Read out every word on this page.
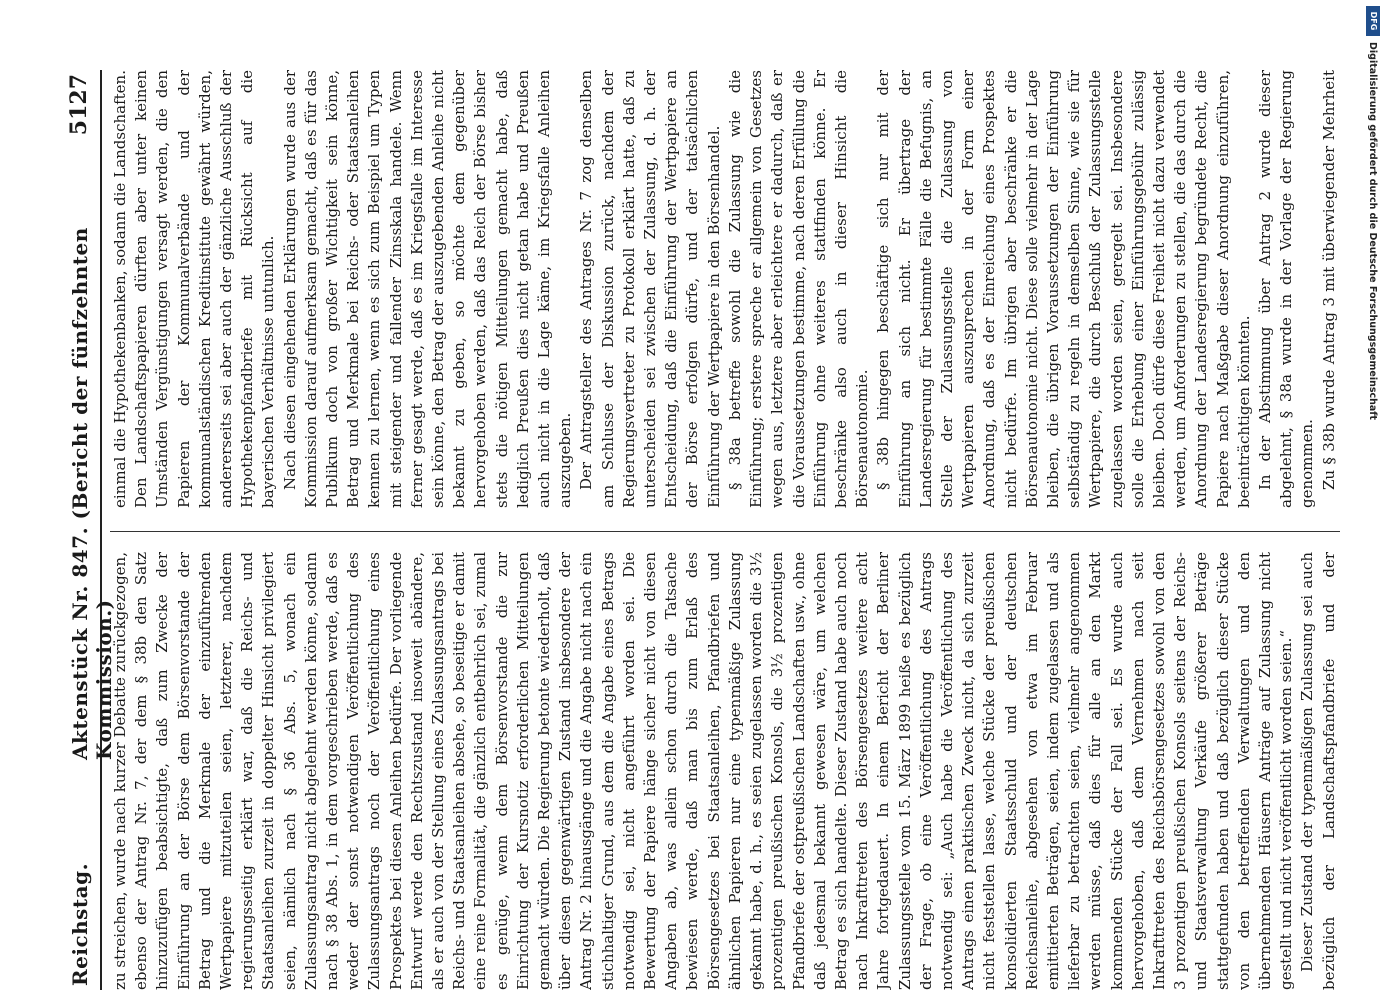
Reichstag.
Aktenstück Nr. 847. (Bericht der fünfzehnten Kommission.)
5127

zu streichen, wurde nach kurzer Debatte zurückgezogen, ebenso der Antrag Nr. 7, der dem § 38b den Satz hinzuzufügen beabsichtigte, daß zum Zwecke der Einführung an der Börse dem Börsenvorstande der Betrag und die Merkmale der einzuführenden Wertpapiere mitzuteilen seien, letzterer, nachdem regierungsseitig erklärt war, daß die Reichs- und Staatsanleihen zurzeit in doppelter Hinsicht privilegiert seien, nämlich nach § 36 Abs. 5, wonach ein Zulassungsantrag nicht abgelehnt werden könne, sodann nach § 38 Abs. 1, in dem vorgeschrieben werde, daß es weder der sonst notwendigen Veröffentlichung des Zulassungsantrags noch der Veröffentlichung eines Prospektes bei diesen Anleihen bedürfe. Der vorliegende Entwurf werde den Rechtszustand insoweit abändere, als er auch von der Stellung eines Zulassungsantrags bei Reichs- und Staatsanleihen absehe, so beseitige er damit eine reine Formalität, die gänzlich entbehrlich sei, zumal es genüge, wenn dem Börsenvorstande die zur Einrichtung der Kursnotiz erforderlichen Mitteilungen gemacht würden. Die Regierung betonte wiederholt, daß über diesen gegenwärtigen Zustand insbesondere der Antrag Nr. 2 hinausgänge und die Angabe nicht nach ein stichhaltiger Grund, aus dem die Angabe eines Betrags notwendig sei, nicht angeführt worden sei. Die Bewertung der Papiere hänge sicher nicht von diesen Angaben ab, was allein schon durch die Tatsache bewiesen werde, daß man bis zum Erlaß des Börsengesetzes bei Staatsanleihen, Pfandbriefen und ähnlichen Papieren nur eine typenmäßige Zulassung gekannt habe, d. h., es seien zugelassen worden die 3½ prozentigen preußischen Konsols, die 3½ prozentigen Pfandbriefe der ostpreußischen Landschaften usw., ohne daß jedesmal bekannt gewesen wäre, um welchen Betrag es sich handelte. Dieser Zustand habe auch noch nach Inkrafttreten des Börsengesetzes weitere acht Jahre fortgedauert. In einem Bericht der Berliner Zulassungsstelle vom 15. März 1899 heiße es bezüglich der Frage, ob eine Veröffentlichung des Antrags notwendig sei: „Auch habe die Veröffentlichung des Antrags einen praktischen Zweck nicht, da sich zurzeit nicht feststellen lasse, welche Stücke der preußischen konsolidierten Staatsschuld und der deutschen Reichsanleihe, abgesehen von etwa im Februar emittierten Beträgen, seien, indem zugelassen und als lieferbar zu betrachten seien, vielmehr angenommen werden müsse, daß dies für alle an den Markt kommenden Stücke der Fall sei. Es wurde auch hervorgehoben, daß dem Vernehmen nach seit Inkrafttreten des Reichsbörsengesetzes sowohl von den 3 prozentigen preußischen Konsols seitens der Reichs- und Staatsverwaltung Verkäufe größerer Beträge stattgefunden haben und daß bezüglich dieser Stücke von den betreffenden Verwaltungen und den übernehmenden Häusern Anträge auf Zulassung nicht gestellt und nicht veröffentlicht worden seien.“ Dieser Zustand der typenmäßigen Zulassung sei auch bezüglich der Landschaftspfandbriefe und der

einmal die Hypothekenbanken, sodann die Landschaften. Den Landschaftspapieren dürften aber unter keinen Umständen Vergünstigungen versagt werden, die den Papieren der Kommunalverbände und der kommunalständischen Kreditinstitute gewährt würden, andererseits sei aber auch der gänzliche Ausschluß der Hypothekenpfandbriefe mit Rücksicht auf die bayerischen Verhältnisse untunlich. Nach diesen eingehenden Erklärungen wurde aus der Kommission darauf aufmerksam gemacht, daß es für das Publikum doch von großer Wichtigkeit sein könne, Betrag und Merkmale bei Reichs- oder Staatsanleihen kennen zu lernen, wenn es sich zum Beispiel um Typen mit steigender und fallender Zinsskala handele. Wenn ferner gesagt werde, daß es im Kriegsfalle im Interesse sein könne, den Betrag der auszugebenden Anleihe nicht bekannt zu geben, so möchte dem gegenüber hervorgehoben werden, daß das Reich der Börse bisher stets die nötigen Mitteilungen gemacht habe, daß lediglich Preußen dies nicht getan habe und Preußen auch nicht in die Lage käme, im Kriegsfalle Anleihen auszugeben. Der Antragsteller des Antrages Nr. 7 zog denselben am Schlusse der Diskussion zurück, nachdem der Regierungsvertreter zu Protokoll erklärt hatte, daß zu unterscheiden sei zwischen der Zulassung, d. h. der Entscheidung, daß die Einführung der Wertpapiere an der Börse erfolgen dürfe, und der tatsächlichen Einführung der Wertpapiere in den Börsenhandel. § 38a betreffe sowohl die Zulassung wie die Einführung; erstere spreche er allgemein von Gesetzes wegen aus, letztere aber erleichtere er dadurch, daß er die Voraussetzungen bestimme, nach deren Erfüllung die Einführung ohne weiteres stattfinden könne. Er beschränke also auch in dieser Hinsicht die Börsenautonomie. § 38b hingegen beschäftige sich nur mit der Einführung an sich nicht. Er übertrage der Landesregierung für bestimmte Fälle die Befugnis, an Stelle der Zulassungsstelle die Zulassung von Wertpapieren auszusprechen in der Form einer Anordnung, daß es der Einreichung eines Prospektes nicht bedürfe. Im übrigen aber beschränke er die Börsenautonomie nicht. Diese solle vielmehr in der Lage bleiben, die übrigen Voraussetzungen der Einführung selbständig zu regeln in demselben Sinne, wie sie für Wertpapiere, die durch Beschluß der Zulassungsstelle zugelassen worden seien, geregelt sei. Insbesondere solle die Erhebung einer Einführungsgebühr zulässig bleiben. Doch dürfe diese Freiheit nicht dazu verwendet werden, um Anforderungen zu stellen, die das durch die Anordnung der Landesregierung begründete Recht, die Papiere nach Maßgabe dieser Anordnung einzuführen, beeinträchtigen könnten. In der Abstimmung über Antrag 2 wurde dieser abgelehnt, § 38a wurde in der Vorlage der Regierung genommen. Zu § 38b wurde Antrag 3 mit überwiegender Mehrheit

DFG
Digitalisierung gefördert durch die Deutsche Forschungsgemeinschaft
